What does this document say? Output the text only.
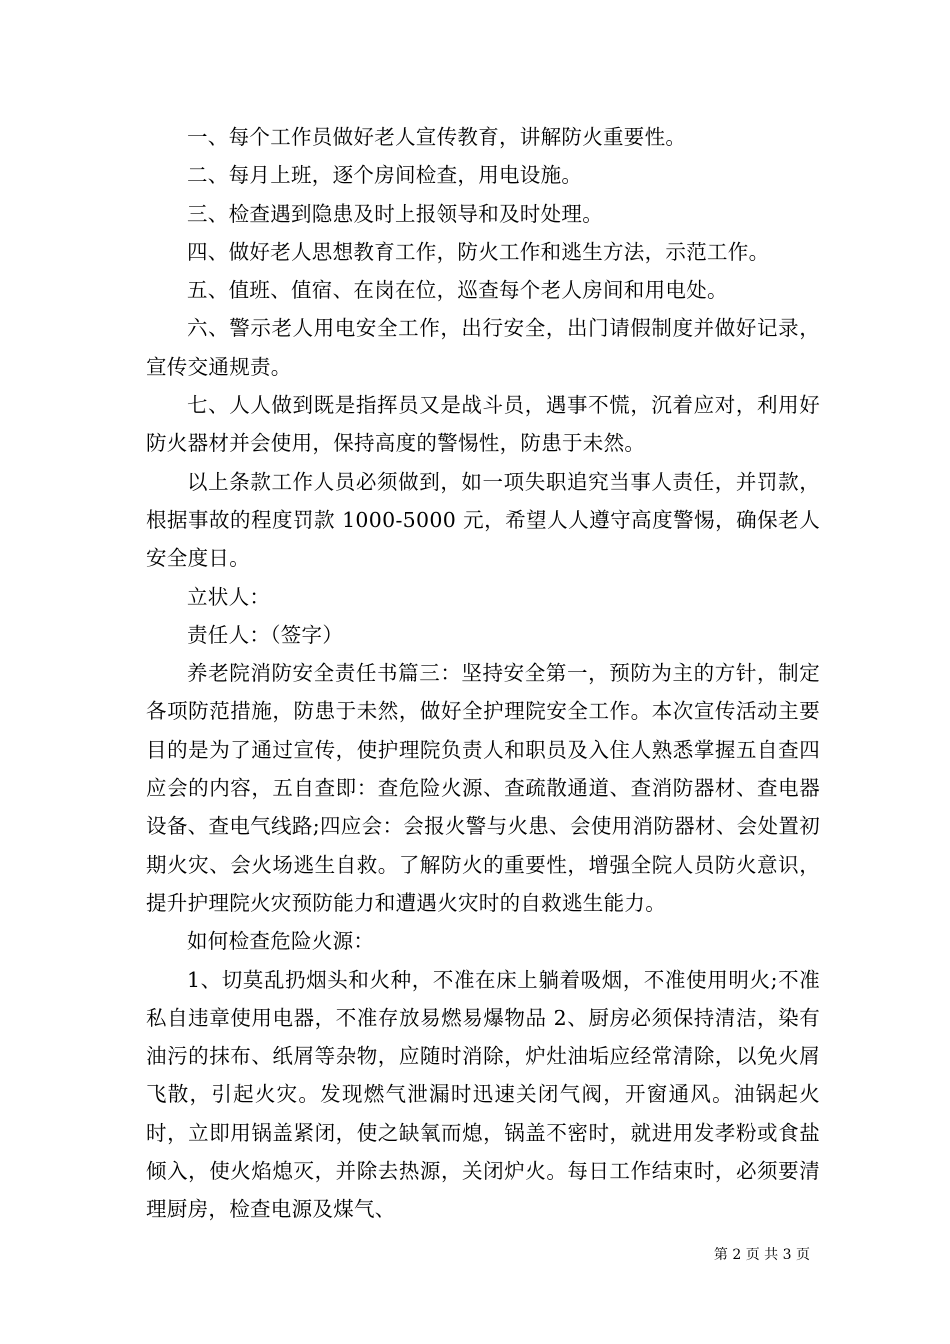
一、每个工作员做好老人宣传教育，讲解防火重要性。

二、每月上班，逐个房间检查，用电设施。

三、检查遇到隐患及时上报领导和及时处理。

四、做好老人思想教育工作，防火工作和逃生方法，示范工作。

五、值班、值宿、在岗在位，巡查每个老人房间和用电处。

六、警示老人用电安全工作，出行安全，出门请假制度并做好记录，宣传交通规责。

七、人人做到既是指挥员又是战斗员，遇事不慌，沉着应对，利用好防火器材并会使用，保持高度的警惕性，防患于未然。

以上条款工作人员必须做到，如一项失职追究当事人责任，并罚款，根据事故的程度罚款 1000-5000 元，希望人人遵守高度警惕，确保老人安全度日。

立状人：

责任人：（签字）

养老院消防安全责任书篇三：坚持安全第一，预防为主的方针，制定各项防范措施，防患于未然，做好全护理院安全工作。本次宣传活动主要目的是为了通过宣传，使护理院负责人和职员及入住人熟悉掌握五自查四应会的内容，五自查即：查危险火源、查疏散通道、查消防器材、查电器设备、查电气线路;四应会：会报火警与火患、会使用消防器材、会处置初期火灾、会火场逃生自救。了解防火的重要性，增强全院人员防火意识，提升护理院火灾预防能力和遭遇火灾时的自救逃生能力。

如何检查危险火源：

1、切莫乱扔烟头和火种，不准在床上躺着吸烟，不准使用明火;不准私自违章使用电器，不准存放易燃易爆物品 2、厨房必须保持清洁，染有油污的抹布、纸屑等杂物，应随时消除，炉灶油垢应经常清除，以免火屑飞散，引起火灾。发现燃气泄漏时迅速关闭气阀，开窗通风。油锅起火时，立即用锅盖紧闭，使之缺氧而熄，锅盖不密时，就进用发孝粉或食盐倾入，使火焰熄灭，并除去热源，关闭炉火。每日工作结束时，必须要清理厨房，检查电源及煤气、

第 2 页 共 3 页
